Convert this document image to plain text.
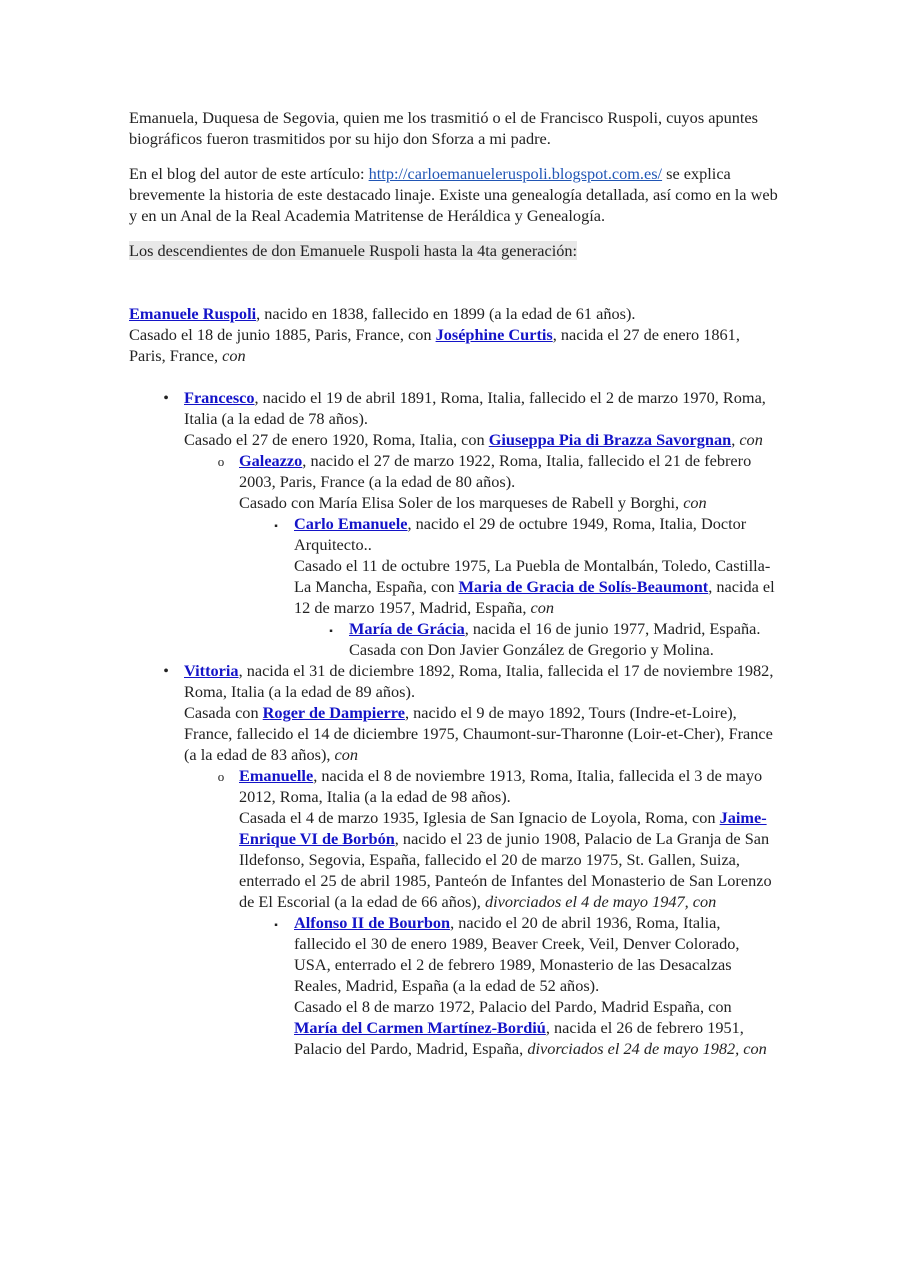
Emanuela, Duquesa de Segovia, quien me los trasmitió o el de Francisco Ruspoli, cuyos apuntes biográficos fueron trasmitidos por su hijo don Sforza a mi padre.

En el blog del autor de este artículo: http://carloemanueleruspoli.blogspot.com.es/ se explica brevemente la historia de este destacado linaje. Existe una genealogía detallada, así como en la web y en un Anal de la Real Academia Matritense de Heráldica y Genealogía.

Los descendientes de don Emanuele Ruspoli hasta la 4ta generación:

Emanuele Ruspoli, nacido en 1838, fallecido en 1899 (a la edad de 61 años).
Casado el 18 de junio 1885, Paris, France, con Joséphine Curtis, nacida el 27 de enero 1861, Paris, France, con

•
Francesco, nacido el 19 de abril 1891, Roma, Italia, fallecido el 2 de marzo 1970, Roma, Italia (a la edad de 78 años).
Casado el 27 de enero 1920, Roma, Italia, con Giuseppa Pia di Brazza Savorgnan, con
o
Galeazzo, nacido el 27 de marzo 1922, Roma, Italia, fallecido el 21 de febrero 2003, Paris, France (a la edad de 80 años).
Casado con María Elisa Soler de los marqueses de Rabell y Borghi, con
▪
Carlo Emanuele, nacido el 29 de octubre 1949, Roma, Italia, Doctor Arquitecto..
Casado el 11 de octubre 1975, La Puebla de Montalbán, Toledo, Castilla- La Mancha, España, con Maria de Gracia de Solís-Beaumont, nacida el 12 de marzo 1957, Madrid, España, con
▪
María de Grácia, nacida el 16 de junio 1977, Madrid, España. Casada con Don Javier González de Gregorio y Molina.
•
Vittoria, nacida el 31 de diciembre 1892, Roma, Italia, fallecida el 17 de noviembre 1982, Roma, Italia (a la edad de 89 años).
Casada con Roger de Dampierre, nacido el 9 de mayo 1892, Tours (Indre-et-Loire), France, fallecido el 14 de diciembre 1975, Chaumont-sur-Tharonne (Loir-et-Cher), France (a la edad de 83 años), con
o
Emanuelle, nacida el 8 de noviembre 1913, Roma, Italia, fallecida el 3 de mayo 2012, Roma, Italia (a la edad de 98 años).
Casada el 4 de marzo 1935, Iglesia de San Ignacio de Loyola, Roma, con Jaime-Enrique VI de Borbón, nacido el 23 de junio 1908, Palacio de La Granja de San Ildefonso, Segovia, España, fallecido el 20 de marzo 1975, St. Gallen, Suiza, enterrado el 25 de abril 1985, Panteón de Infantes del Monasterio de San Lorenzo de El Escorial (a la edad de 66 años), divorciados el 4 de mayo 1947, con
▪
Alfonso II de Bourbon, nacido el 20 de abril 1936, Roma, Italia, fallecido el 30 de enero 1989, Beaver Creek, Veil, Denver Colorado, USA, enterrado el 2 de febrero 1989, Monasterio de las Desacalzas Reales, Madrid, España (a la edad de 52 años).
Casado el 8 de marzo 1972, Palacio del Pardo, Madrid España, con María del Carmen Martínez-Bordiú, nacida el 26 de febrero 1951, Palacio del Pardo, Madrid, España, divorciados el 24 de mayo 1982, con
